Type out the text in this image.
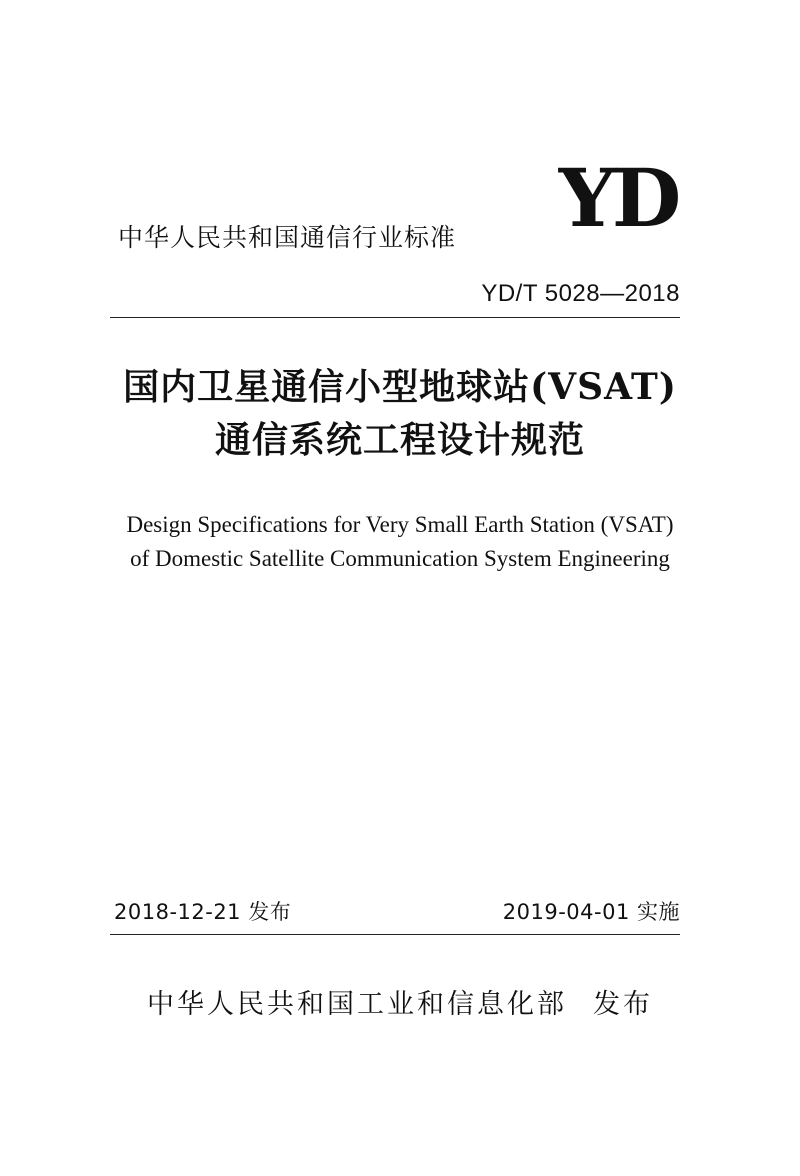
YD
中华人民共和国通信行业标准
YD/T 5028—2018
国内卫星通信小型地球站(VSAT)
通信系统工程设计规范
Design Specifications for Very Small Earth Station (VSAT)
of Domestic Satellite Communication System Engineering
2018-12-21 发布	2019-04-01 实施
中华人民共和国工业和信息化部 发布
